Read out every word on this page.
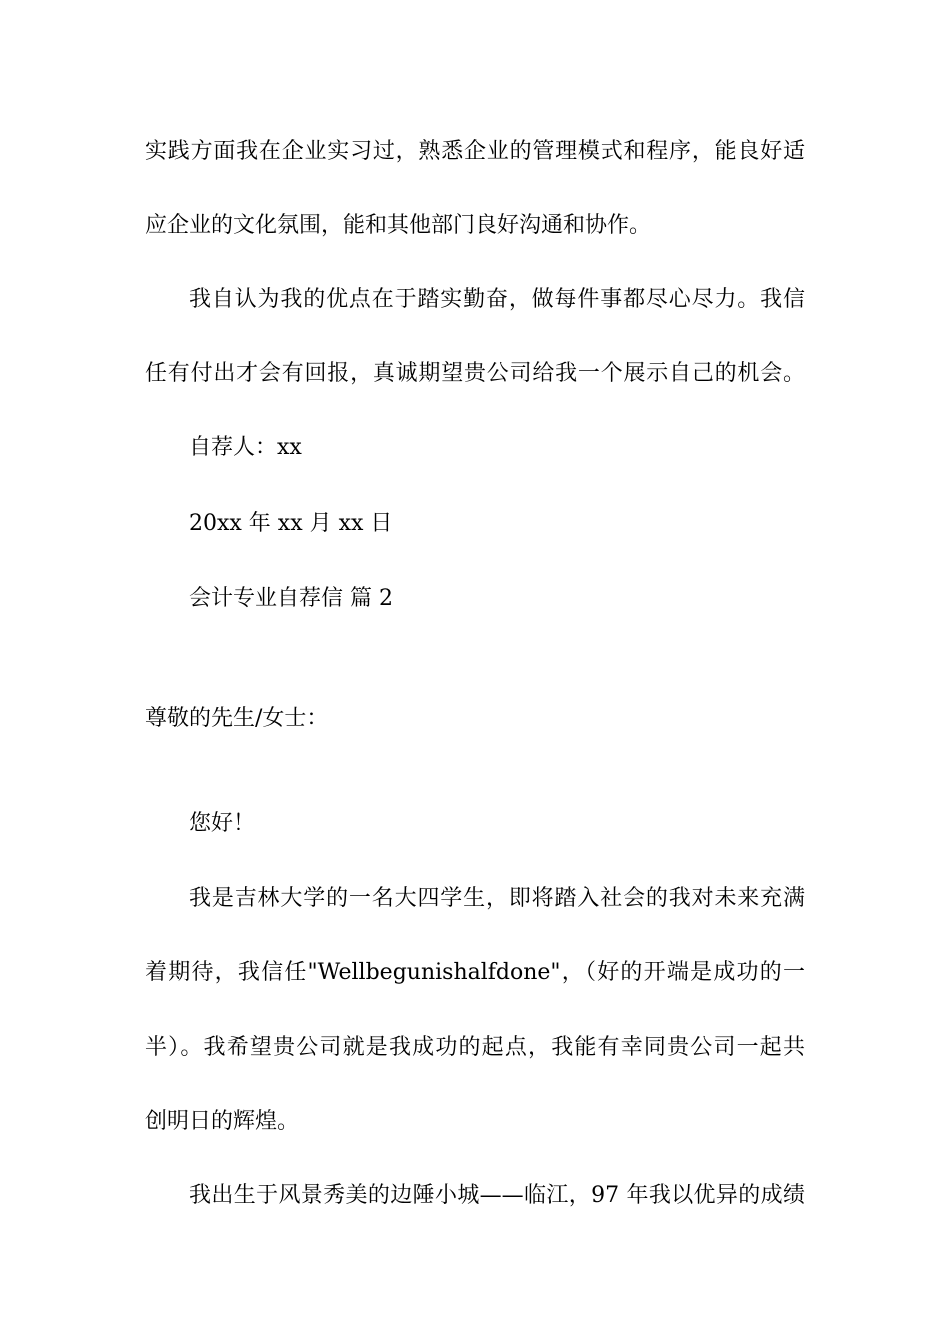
实践方面我在企业实习过，熟悉企业的管理模式和程序，能良好适
应企业的文化氛围，能和其他部门良好沟通和协作。
我自认为我的优点在于踏实勤奋，做每件事都尽心尽力。我信
任有付出才会有回报，真诚期望贵公司给我一个展示自己的机会。
自荐人：xx
20xx 年 xx 月 xx 日
会计专业自荐信 篇 2
尊敬的先生/女士：
您好！
我是吉林大学的一名大四学生，即将踏入社会的我对未来充满
着期待，我信任"Wellbegunishalfdone"，（好的开端是成功的一
半）。我希望贵公司就是我成功的起点，我能有幸同贵公司一起共
创明日的辉煌。
我出生于风景秀美的边陲小城——临江，97 年我以优异的成绩
